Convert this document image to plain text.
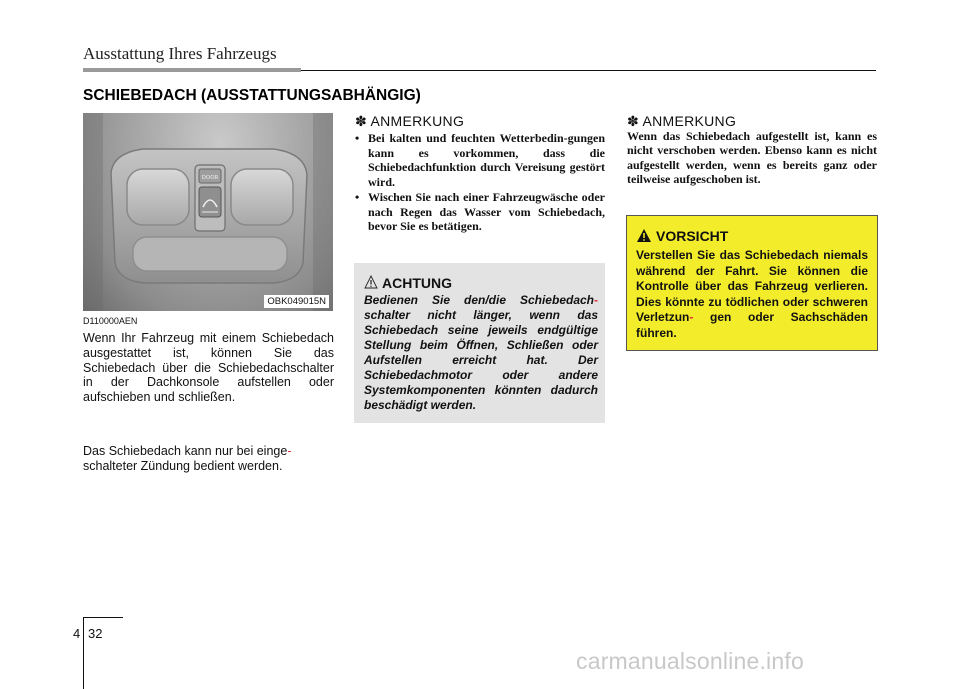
Ausstattung Ihres Fahrzeugs
SCHIEBEDACH (AUSSTATTUNGSABHÄNGIG)
DOOR
OBK049015N
D110000AEN
Wenn Ihr Fahrzeug mit einem Schiebedach ausgestattet ist, können Sie das Schiebedach über die Schiebedachschalter in der Dachkonsole aufstellen oder aufschieben und schließen.
Das Schiebedach kann nur bei einge-
schalteter Zündung bedient werden.
✽ ANMERKUNG
• Bei kalten und feuchten Wetterbedin-gungen kann es vorkommen, dass die Schiebedachfunktion durch Vereisung gestört wird.
• Wischen Sie nach einer Fahrzeugwäsche oder nach Regen das Wasser vom Schiebedach, bevor Sie es betätigen.
ACHTUNG
Bedienen Sie den/die Schiebedach- schalter nicht länger, wenn das Schiebedach seine jeweils endgültige Stellung beim Öffnen, Schließen oder Aufstellen erreicht hat. Der Schiebedachmotor oder andere Systemkomponenten könnten dadurch beschädigt werden.
✽ ANMERKUNG
Wenn das Schiebedach aufgestellt ist, kann es nicht verschoben werden. Ebenso kann es nicht aufgestellt werden, wenn es bereits ganz oder teilweise aufgeschoben ist.
VORSICHT
Verstellen Sie das Schiebedach niemals während der Fahrt. Sie können die Kontrolle über das Fahrzeug verlieren. Dies könnte zu tödlichen oder schweren Verletzun- gen oder Sachschäden führen.
4 32
carmanualsonline.info
